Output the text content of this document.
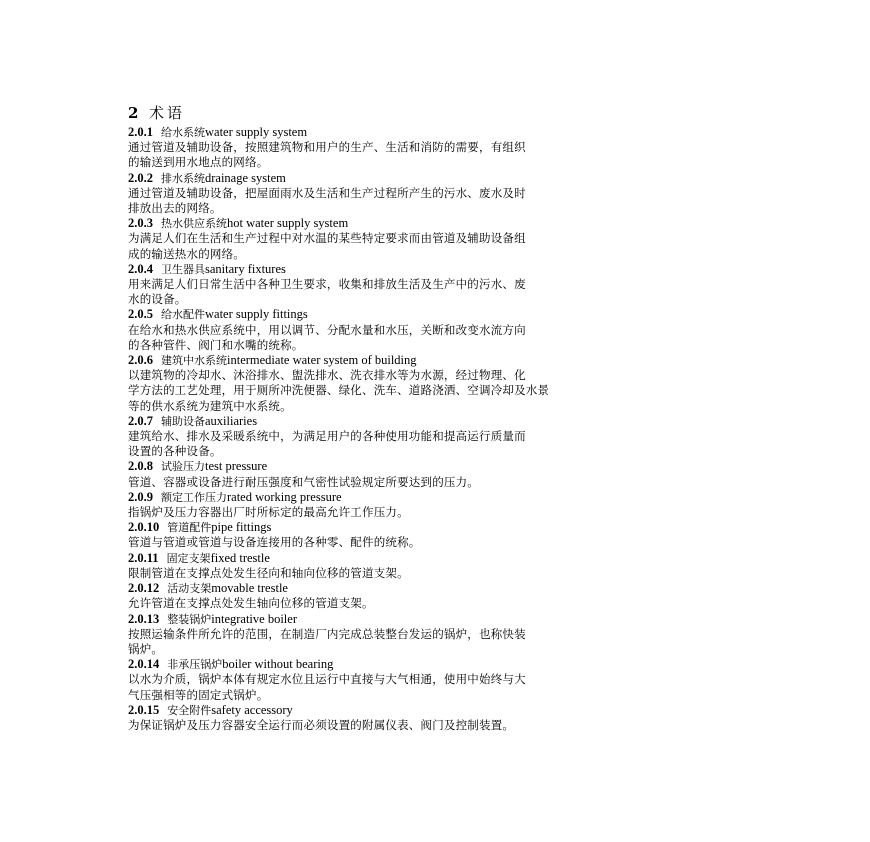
2 术语
2.0.1 给水系统water supply system
通过管道及辅助设备，按照建筑物和用户的生产、生活和消防的需要，有组织
的输送到用水地点的网络。
2.0.2 排水系统drainage system
通过管道及辅助设备，把屋面雨水及生活和生产过程所产生的污水、废水及时
排放出去的网络。
2.0.3 热水供应系统hot water supply system
为满足人们在生活和生产过程中对水温的某些特定要求而由管道及辅助设备组
成的输送热水的网络。
2.0.4 卫生器具sanitary fixtures
用来满足人们日常生活中各种卫生要求，收集和排放生活及生产中的污水、废
水的设备。
2.0.5 给水配件water supply fittings
在给水和热水供应系统中，用以调节、分配水量和水压，关断和改变水流方向
的各种管件、阀门和水嘴的统称。
2.0.6 建筑中水系统intermediate water system of building
以建筑物的冷却水、沐浴排水、盥洗排水、洗衣排水等为水源，经过物理、化
学方法的工艺处理，用于厕所冲洗便器、绿化、洗车、道路浇洒、空调冷却及水景
等的供水系统为建筑中水系统。
2.0.7 辅助设备auxiliaries
建筑给水、排水及采暖系统中，为满足用户的各种使用功能和提高运行质量而
设置的各种设备。
2.0.8 试验压力test pressure
管道、容器或设备进行耐压强度和气密性试验规定所要达到的压力。
2.0.9 额定工作压力rated working pressure
指锅炉及压力容器出厂时所标定的最高允许工作压力。
2.0.10 管道配件pipe fittings
管道与管道或管道与设备连接用的各种零、配件的统称。
2.0.11 固定支架fixed trestle
限制管道在支撑点处发生径向和轴向位移的管道支架。
2.0.12 活动支架movable trestle
允许管道在支撑点处发生轴向位移的管道支架。
2.0.13 整装锅炉integrative boiler
按照运输条件所允许的范围，在制造厂内完成总装整台发运的锅炉，也称快装
锅炉。
2.0.14 非承压锅炉boiler without bearing
以水为介质，锅炉本体有规定水位且运行中直接与大气相通，使用中始终与大
气压强相等的固定式锅炉。
2.0.15 安全附件safety accessory
为保证锅炉及压力容器安全运行而必须设置的附属仪表、阀门及控制装置。
